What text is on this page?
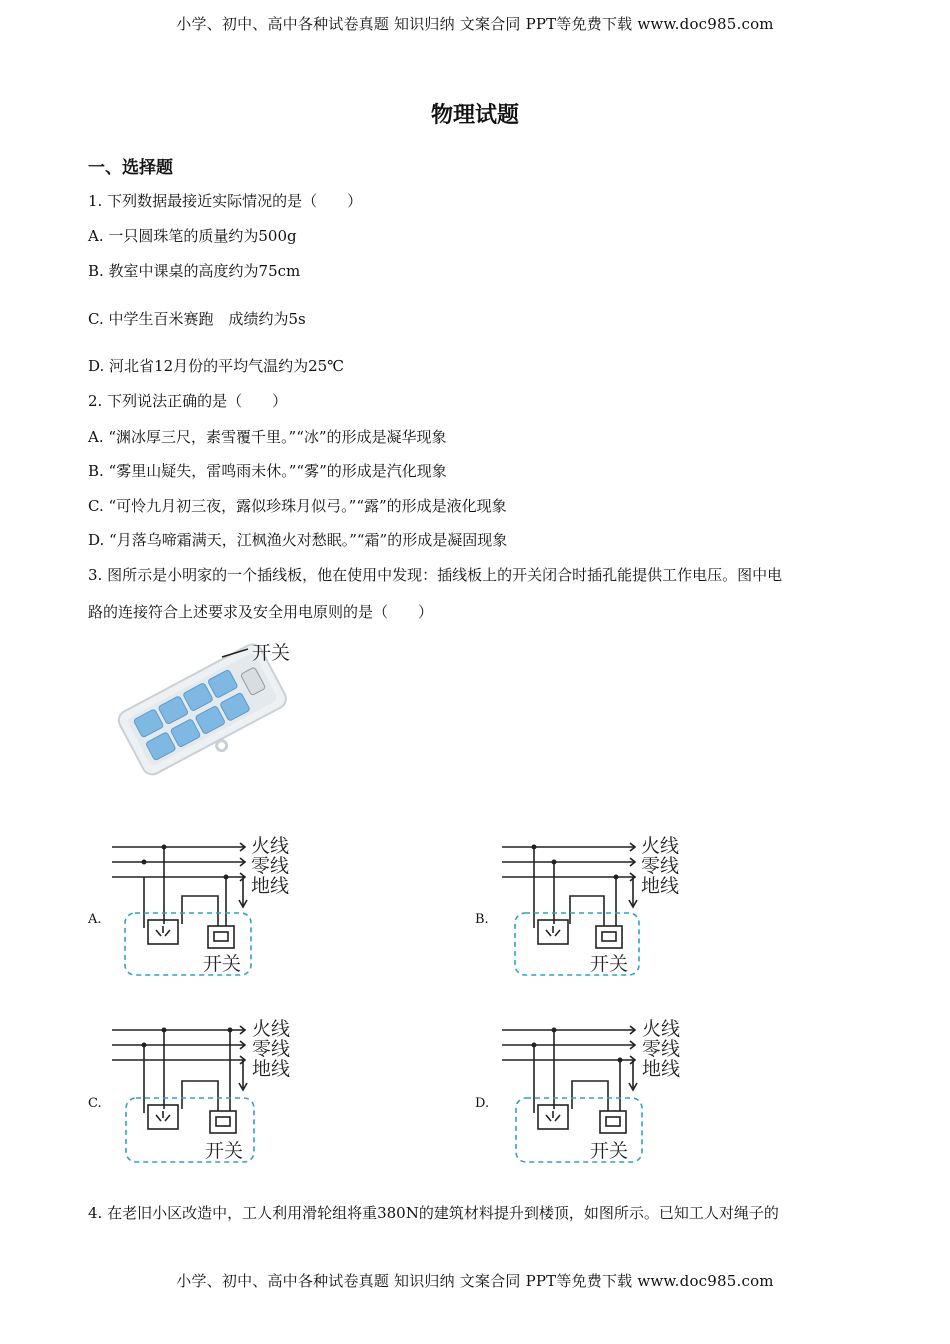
小学、初中、高中各种试卷真题 知识归纳 文案合同 PPT等免费下载 www.doc985.com
物理试题
一、选择题
1. 下列数据最接近实际情况的是（　　）
A. 一只圆珠笔的质量约为500g
B. 教室中课桌的高度约为75cm
C. 中学生百米赛跑　成绩约为5s
D. 河北省12月份的平均气温约为25℃
2. 下列说法正确的是（　　）
A. “渊冰厚三尺，素雪覆千里。”“冰”的形成是凝华现象
B. “雾里山疑失，雷鸣雨未休。”“雾”的形成是汽化现象
C. “可怜九月初三夜，露似珍珠月似弓。”“露”的形成是液化现象
D. “月落乌啼霜满天，江枫渔火对愁眠。”“霜”的形成是凝固现象
3. 图所示是小明家的一个插线板，他在使用中发现：插线板上的开关闭合时插孔能提供工作电压。图中电
路的连接符合上述要求及安全用电原则的是（　　）
开关
A.	B.
C.	D.
火线
零线
地线
开关
火线
零线
地线
开关
火线
零线
地线
开关
火线
零线
地线
开关
4. 在老旧小区改造中，工人利用滑轮组将重380N的建筑材料提升到楼顶，如图所示。已知工人对绳子的
小学、初中、高中各种试卷真题 知识归纳 文案合同 PPT等免费下载 www.doc985.com
